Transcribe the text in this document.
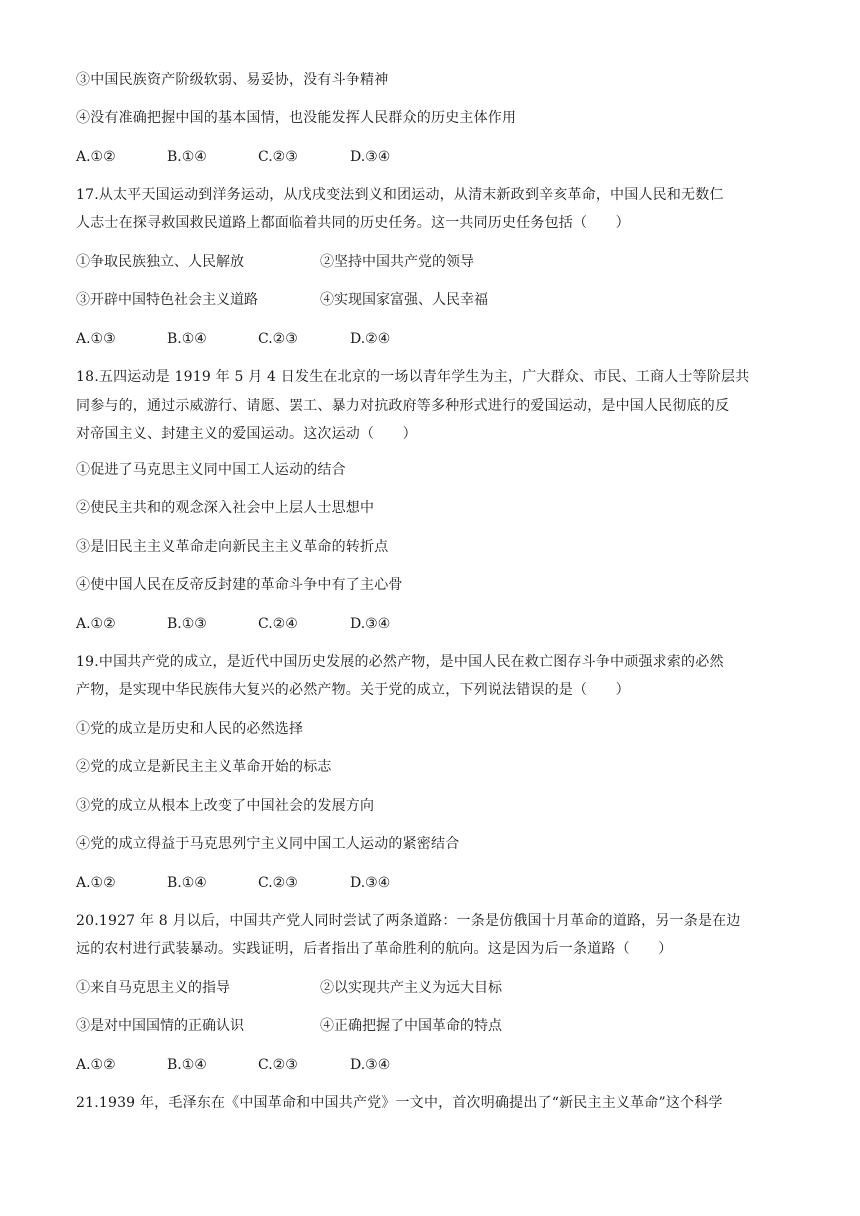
③中国民族资产阶级软弱、易妥协，没有斗争精神
④没有准确把握中国的基本国情，也没能发挥人民群众的历史主体作用
A.①②	B.①④	C.②③	D.③④
17.从太平天国运动到洋务运动，从戊戌变法到义和团运动，从清末新政到辛亥革命，中国人民和无数仁
人志士在探寻救国救民道路上都面临着共同的历史任务。这一共同历史任务包括（　　）
①争取民族独立、人民解放	②坚持中国共产党的领导
③开辟中国特色社会主义道路	④实现国家富强、人民幸福
A.①③	B.①④	C.②③	D.②④
18.五四运动是 1919 年 5 月 4 日发生在北京的一场以青年学生为主，广大群众、市民、工商人士等阶层共
同参与的，通过示威游行、请愿、罢工、暴力对抗政府等多种形式进行的爱国运动，是中国人民彻底的反
对帝国主义、封建主义的爱国运动。这次运动（　　）
①促进了马克思主义同中国工人运动的结合
②使民主共和的观念深入社会中上层人士思想中
③是旧民主主义革命走向新民主主义革命的转折点
④使中国人民在反帝反封建的革命斗争中有了主心骨
A.①②	B.①③	C.②④	D.③④
19.中国共产党的成立，是近代中国历史发展的必然产物，是中国人民在救亡图存斗争中顽强求索的必然
产物，是实现中华民族伟大复兴的必然产物。关于党的成立，下列说法错误的是（　　）
①党的成立是历史和人民的必然选择
②党的成立是新民主主义革命开始的标志
③党的成立从根本上改变了中国社会的发展方向
④党的成立得益于马克思列宁主义同中国工人运动的紧密结合
A.①②	B.①④	C.②③	D.③④
20.1927 年 8 月以后，中国共产党人同时尝试了两条道路：一条是仿俄国十月革命的道路，另一条是在边
远的农村进行武装暴动。实践证明，后者指出了革命胜利的航向。这是因为后一条道路（　　）
①来自马克思主义的指导	②以实现共产主义为远大目标
③是对中国国情的正确认识	④正确把握了中国革命的特点
A.①②	B.①④	C.②③	D.③④
21.1939 年，毛泽东在《中国革命和中国共产党》一文中，首次明确提出了“新民主主义革命”这个科学
